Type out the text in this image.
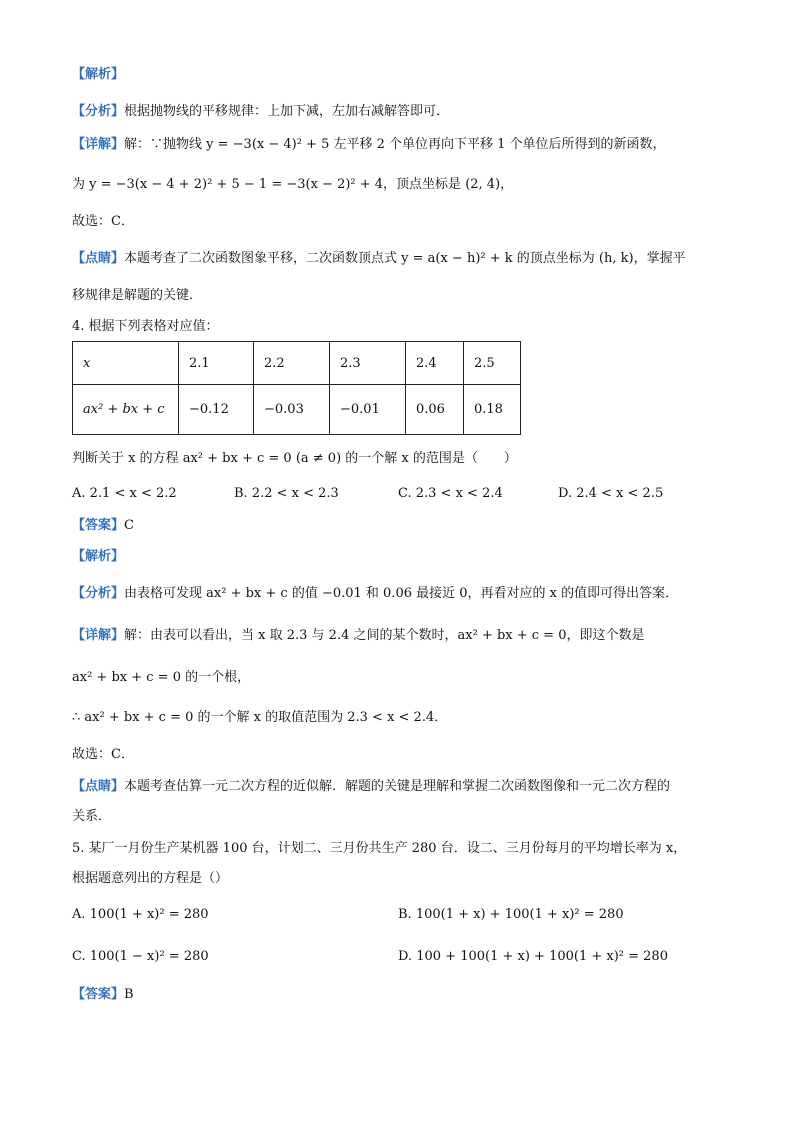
【解析】
【分析】根据抛物线的平移规律：上加下减，左加右减解答即可．
【详解】解：∵抛物线 y = −3(x − 4)² + 5 左平移 2 个单位再向下平移 1 个单位后所得到的新函数，
为 y = −3(x − 4 + 2)² + 5 − 1 = −3(x − 2)² + 4，顶点坐标是 (2, 4)，
故选：C．
【点睛】本题考查了二次函数图象平移，二次函数顶点式 y = a(x − h)² + k 的顶点坐标为 (h, k)，掌握平
移规律是解题的关键．
4. 根据下列表格对应值：
x	2.1	2.2	2.3	2.4	2.5
ax² + bx + c	−0.12	−0.03	−0.01	0.06	0.18
判断关于 x 的方程 ax² + bx + c = 0 (a ≠ 0) 的一个解 x 的范围是（　　）
A. 2.1 < x < 2.2	B. 2.2 < x < 2.3	C. 2.3 < x < 2.4	D. 2.4 < x < 2.5
【答案】C
【解析】
【分析】由表格可发现 ax² + bx + c 的值 −0.01 和 0.06 最接近 0，再看对应的 x 的值即可得出答案．
【详解】解：由表可以看出，当 x 取 2.3 与 2.4 之间的某个数时，ax² + bx + c = 0，即这个数是
ax² + bx + c = 0 的一个根，
∴ ax² + bx + c = 0 的一个解 x 的取值范围为 2.3 < x < 2.4．
故选：C．
【点睛】本题考查估算一元二次方程的近似解．解题的关键是理解和掌握二次函数图像和一元二次方程的
关系．
5. 某厂一月份生产某机器 100 台，计划二、三月份共生产 280 台．设二、三月份每月的平均增长率为 x，
根据题意列出的方程是（）
A. 100(1 + x)² = 280	B. 100(1 + x) + 100(1 + x)² = 280
C. 100(1 − x)² = 280	D. 100 + 100(1 + x) + 100(1 + x)² = 280
【答案】B
